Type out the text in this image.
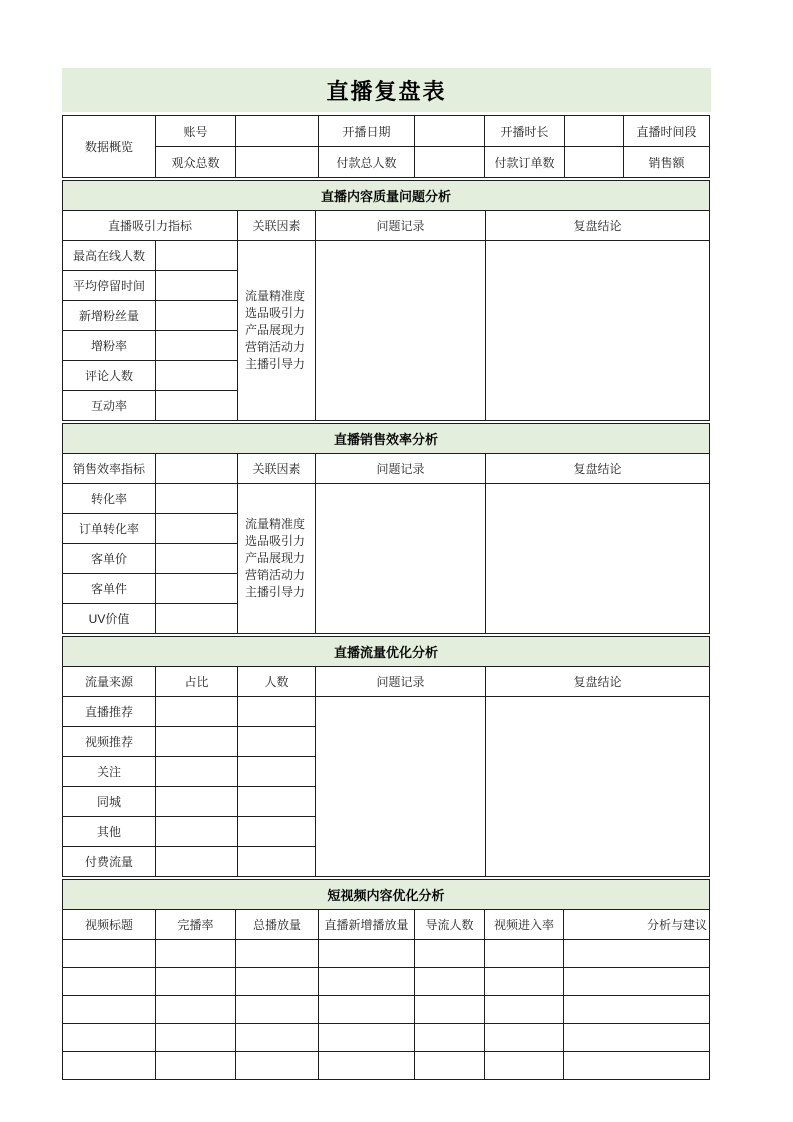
直播复盘表
数据概览	账号		开播日期		开播时长		直播时间段
	观众总数		付款总人数		付款订单数		销售额
直播内容质量问题分析				
直播吸引力指标		关联因素	问题记录	复盘结论
最高在线人数		流量精准度
选品吸引力
产品展现力
营销活动力
主播引导力		

平均停留时间				
新增粉丝量				
增粉率				
评论人数				
互动率				
直播销售效率分析				
销售效率指标		关联因素	问题记录	复盘结论
转化率		流量精准度
选品吸引力
产品展现力
营销活动力
主播引导力		

订单转化率				
客单价				
客单件				
UV价值				
直播流量优化分析				
流量来源	占比	人数	问题记录	复盘结论
直播推荐				
视频推荐				
关注				
同城				
其他				
付费流量				
短视频内容优化分析						
视频标题	完播率	总播放量	直播新增播放量	导流人数	视频进入率	分析与建议
